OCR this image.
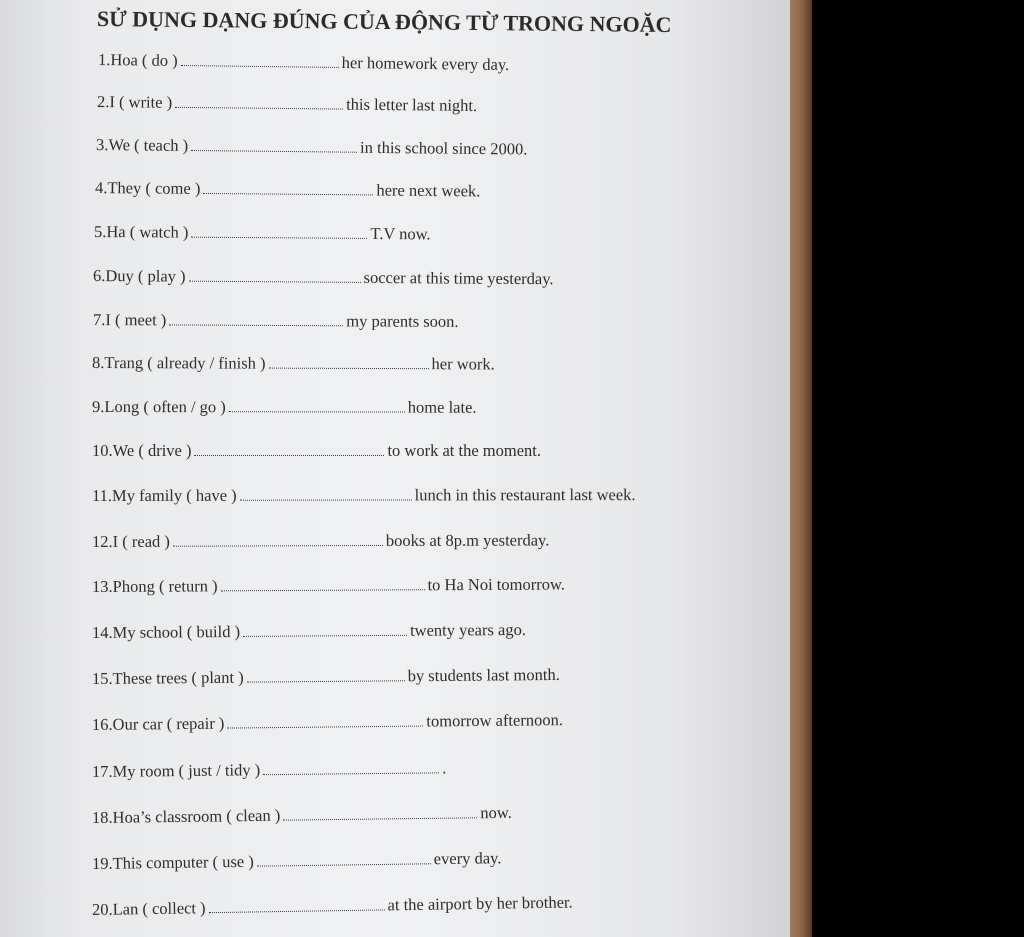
SỬ DỤNG DẠNG ĐÚNG CỦA ĐỘNG TỪ TRONG NGOẶC
1.Hoa ( do )	her homework every day.
2.I ( write )	this letter last night.
3.We ( teach )	in this school since 2000.
4.They ( come )	here next week.
5.Ha ( watch )	T.V now.
6.Duy ( play )	soccer at this time yesterday.
7.I ( meet )	my parents soon.
8.Trang ( already / finish )	her work.
9.Long ( often / go )	home late.
10.We ( drive )	to work at the moment.
11.My family ( have )	lunch in this restaurant last week.
12.I ( read )	books at 8p.m yesterday.
13.Phong ( return )	to Ha Noi tomorrow.
14.My school ( build )	twenty years ago.
15.These trees ( plant )	by students last month.
16.Our car ( repair )	tomorrow afternoon.
17.My room ( just / tidy )	.
18.Hoa’s classroom ( clean )	now.
19.This computer ( use )	every day.
20.Lan ( collect )	at the airport by her brother.
